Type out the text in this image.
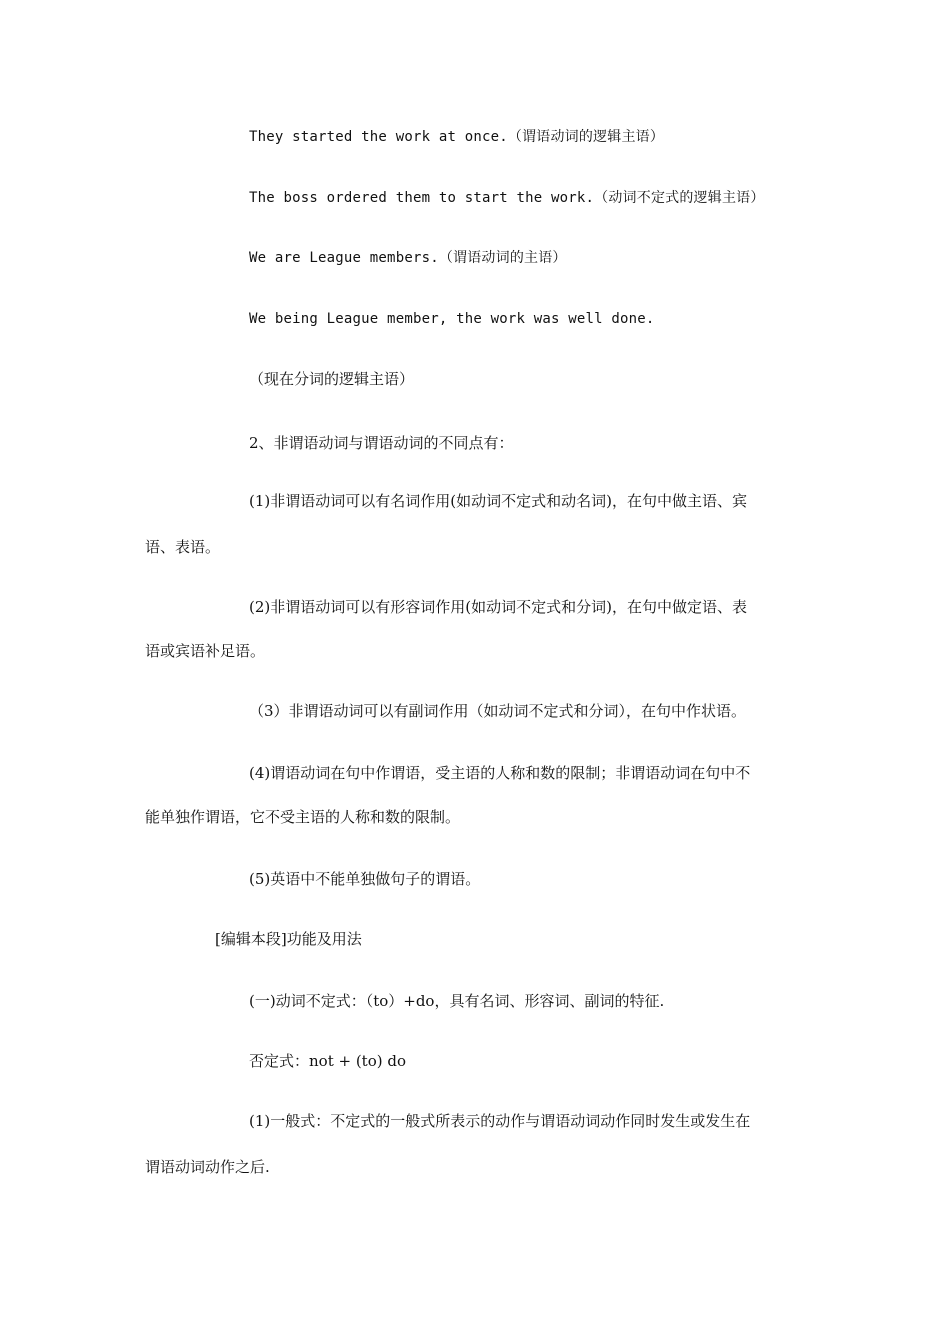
They started the work at once.（谓语动词的逻辑主语）
The boss ordered them to start the work.（动词不定式的逻辑主语）
We are League members.（谓语动词的主语）
We being League member, the work was well done.
（现在分词的逻辑主语）
2、非谓语动词与谓语动词的不同点有：
(1)非谓语动词可以有名词作用(如动词不定式和动名词)，在句中做主语、宾
语、表语。
(2)非谓语动词可以有形容词作用(如动词不定式和分词)，在句中做定语、表
语或宾语补足语。
（3）非谓语动词可以有副词作用（如动词不定式和分词），在句中作状语。
(4)谓语动词在句中作谓语，受主语的人称和数的限制；非谓语动词在句中不
能单独作谓语，它不受主语的人称和数的限制。
(5)英语中不能单独做句子的谓语。
[编辑本段]功能及用法
(一)动词不定式：（to）+do，具有名词、形容词、副词的特征.
否定式：not + (to) do
(1)一般式：不定式的一般式所表示的动作与谓语动词动作同时发生或发生在
谓语动词动作之后.
